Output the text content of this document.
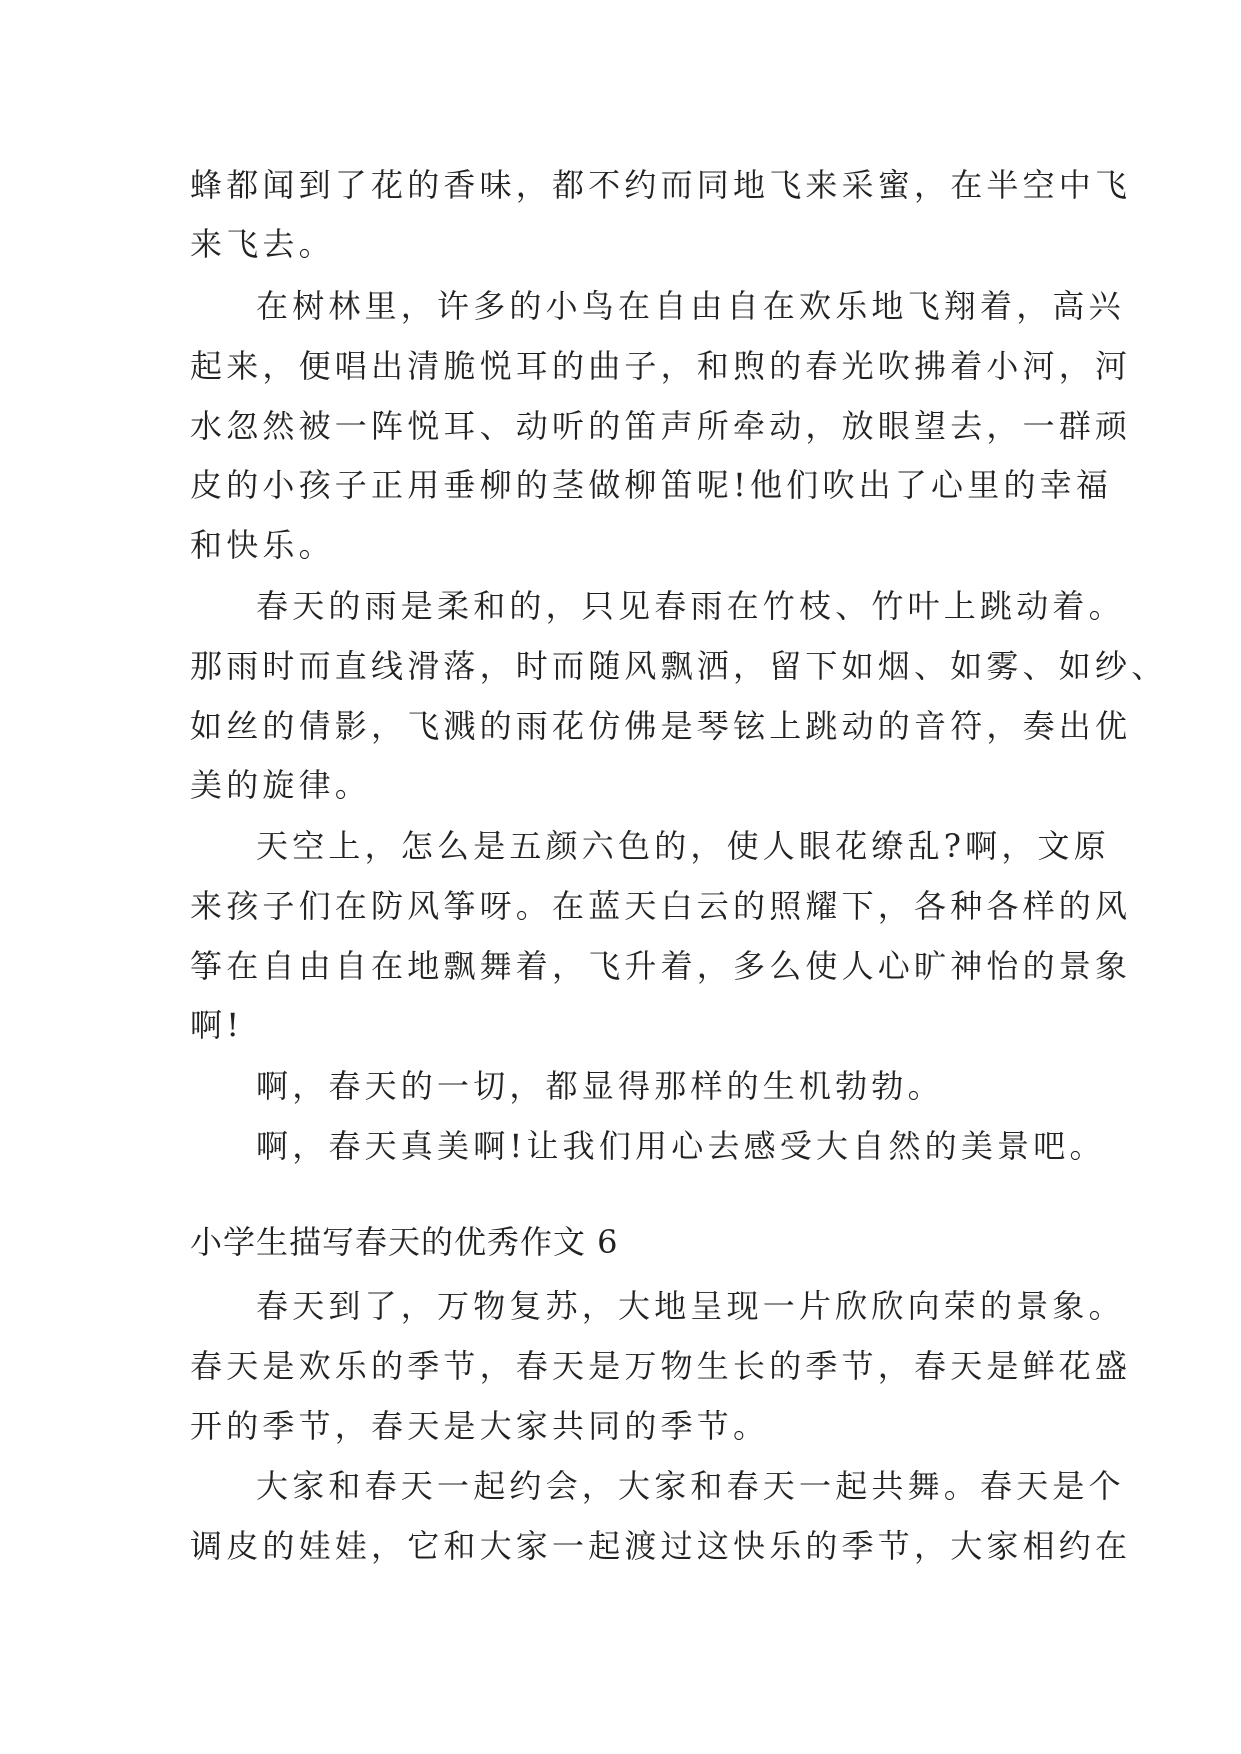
蜂都闻到了花的香味，都不约而同地飞来采蜜，在半空中飞
来飞去。
在树林里，许多的小鸟在自由自在欢乐地飞翔着，高兴
起来，便唱出清脆悦耳的曲子，和煦的春光吹拂着小河，河
水忽然被一阵悦耳、动听的笛声所牵动，放眼望去，一群顽
皮的小孩子正用垂柳的茎做柳笛呢!他们吹出了心里的幸福
和快乐。
春天的雨是柔和的，只见春雨在竹枝、竹叶上跳动着。
那雨时而直线滑落，时而随风飘洒，留下如烟、如雾、如纱、
如丝的倩影，飞溅的雨花仿佛是琴铉上跳动的音符，奏出优
美的旋律。
天空上，怎么是五颜六色的，使人眼花缭乱?啊，文原
来孩子们在防风筝呀。在蓝天白云的照耀下，各种各样的风
筝在自由自在地飘舞着，飞升着，多么使人心旷神怡的景象
啊!
啊，春天的一切，都显得那样的生机勃勃。
啊，春天真美啊!让我们用心去感受大自然的美景吧。
小学生描写春天的优秀作文 6
春天到了，万物复苏，大地呈现一片欣欣向荣的景象。
春天是欢乐的季节，春天是万物生长的季节，春天是鲜花盛
开的季节，春天是大家共同的季节。
大家和春天一起约会，大家和春天一起共舞。春天是个
调皮的娃娃，它和大家一起渡过这快乐的季节，大家相约在
